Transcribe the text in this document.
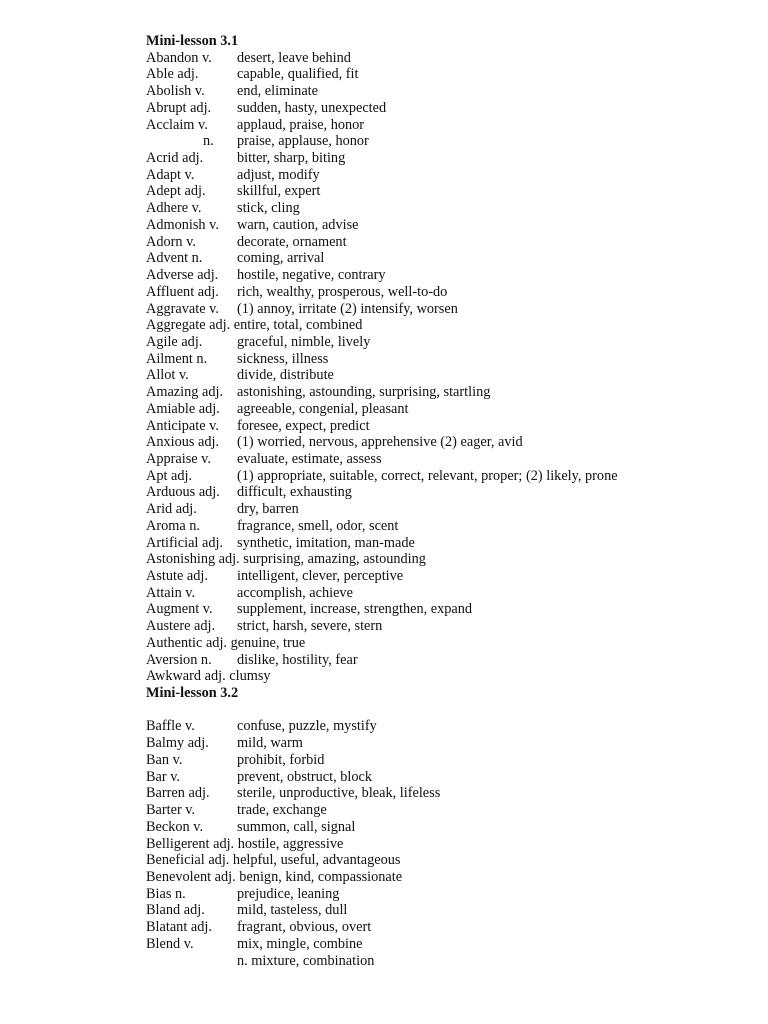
Mini-lesson 3.1
Abandon v. desert, leave behind
Able adj.	capable, qualified, fit
Abolish v. end, eliminate
Abrupt adj. sudden, hasty, unexpected
Acclaim v. applaud, praise, honor
n. praise, applause, honor
Acrid adj. bitter, sharp, biting
Adapt v.	adjust, modify
Adept adj. skillful, expert
Adhere v. stick, cling
Admonish v. warn, caution, advise
Adorn v.	decorate, ornament
Advent n. coming, arrival
Adverse adj. hostile, negative, contrary
Affluent adj. rich, wealthy, prosperous, well-to-do
Aggravate v. (1) annoy, irritate (2) intensify, worsen
Aggregate adj. entire, total, combined
Agile adj. graceful, nimble, lively
Ailment n. sickness, illness
Allot v.	divide, distribute
Amazing adj. astonishing, astounding, surprising, startling
Amiable adj. agreeable, congenial, pleasant
Anticipate v. foresee, expect, predict
Anxious adj. (1) worried, nervous, apprehensive (2) eager, avid
Appraise v. evaluate, estimate, assess
Apt adj.	(1) appropriate, suitable, correct, relevant, proper; (2) likely, prone
Arduous adj. difficult, exhausting
Arid adj.	dry, barren
Aroma n.	fragrance, smell, odor, scent
Artificial adj. synthetic, imitation, man-made
Astonishing adj. surprising, amazing, astounding
Astute adj. intelligent, clever, perceptive
Attain v.	accomplish, achieve
Augment v. supplement, increase, strengthen, expand
Austere adj. strict, harsh, severe, stern
Authentic adj. genuine, true
Aversion n. dislike, hostility, fear
Awkward adj. clumsy
Mini-lesson 3.2
Baffle v.	confuse, puzzle, mystify
Balmy adj. mild, warm
Ban v.	prohibit, forbid
Bar v.	prevent, obstruct, block
Barren adj. sterile, unproductive, bleak, lifeless
Barter v.	trade, exchange
Beckon v. summon, call, signal
Belligerent adj. hostile, aggressive
Beneficial adj. helpful, useful, advantageous
Benevolent adj. benign, kind, compassionate
Bias n.	prejudice, leaning
Bland adj. mild, tasteless, dull
Blatant adj. fragrant, obvious, overt
Blend v.	mix, mingle, combine
n. mixture, combination
